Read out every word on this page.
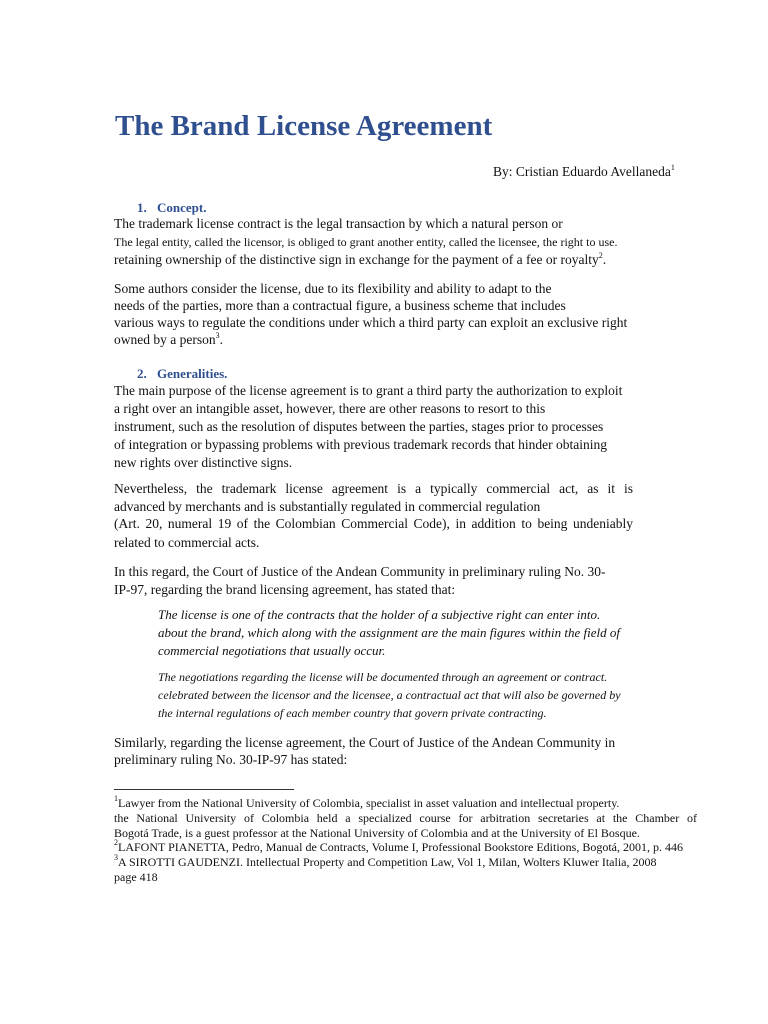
The Brand License Agreement
By: Cristian Eduardo Avellaneda$^1$
1. Concept.
The trademark license contract is the legal transaction by which a natural person or
The legal entity, called the licensor, is obliged to grant another entity, called the licensee, the right to use.
retaining ownership of the distinctive sign in exchange for the payment of a fee or royalty$^2$.
Some authors consider the license, due to its flexibility and ability to adapt to the
needs of the parties, more than a contractual figure, a business scheme that includes
various ways to regulate the conditions under which a third party can exploit an exclusive right
owned by a person$^3$.
2. Generalities.
The main purpose of the license agreement is to grant a third party the authorization to exploit
a right over an intangible asset, however, there are other reasons to resort to this
instrument, such as the resolution of disputes between the parties, stages prior to processes
of integration or bypassing problems with previous trademark records that hinder obtaining
new rights over distinctive signs.
Nevertheless, the trademark license agreement is a typically commercial act, as it is
advanced by merchants and is substantially regulated in commercial regulation
(Art. 20, numeral 19 of the Colombian Commercial Code), in addition to being undeniably
related to commercial acts.
In this regard, the Court of Justice of the Andean Community in preliminary ruling No. 30-
IP-97, regarding the brand licensing agreement, has stated that:
The license is one of the contracts that the holder of a subjective right can enter into.
about the brand, which along with the assignment are the main figures within the field of
commercial negotiations that usually occur.
The negotiations regarding the license will be documented through an agreement or contract.
celebrated between the licensor and the licensee, a contractual act that will also be governed by
the internal regulations of each member country that govern private contracting.
Similarly, regarding the license agreement, the Court of Justice of the Andean Community in
preliminary ruling No. 30-IP-97 has stated:
$^1$Lawyer from the National University of Colombia, specialist in asset valuation and intellectual property.
the National University of Colombia held a specialized course for arbitration secretaries at the Chamber of
Bogotá Trade, is a guest professor at the National University of Colombia and at the University of El Bosque.
$^2$LAFONT PIANETTA, Pedro, Manual de Contracts, Volume I, Professional Bookstore Editions, Bogotá, 2001, p. 446
$^3$A SIROTTI GAUDENZI. Intellectual Property and Competition Law, Vol 1, Milan, Wolters Kluwer Italia, 2008
page 418
